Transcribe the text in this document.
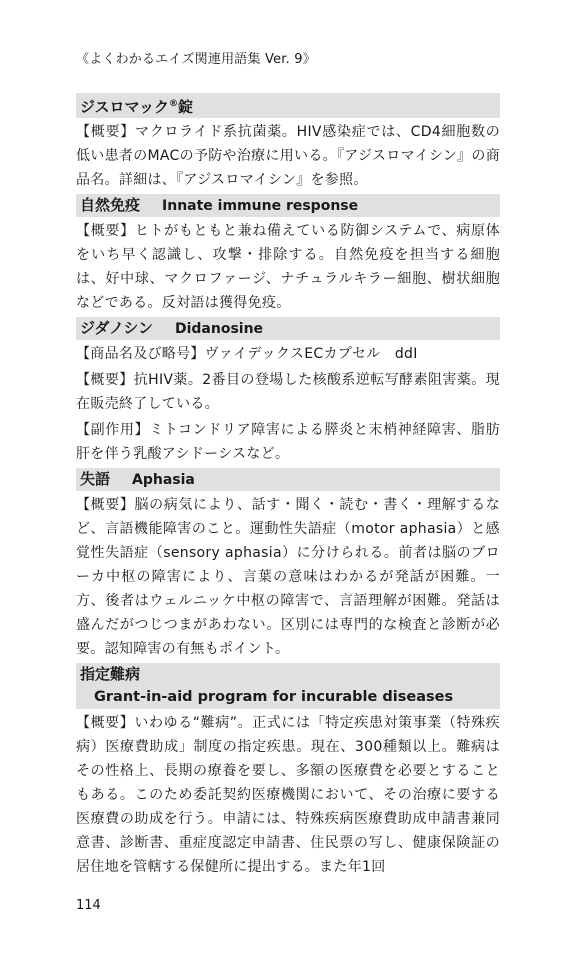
《よくわかるエイズ関連用語集 Ver. 9》
ジスロマック®錠

【概要】マクロライド系抗菌薬。HIV感染症では、CD4細胞数の低い患者のMACの予防や治療に用いる。『アジスロマイシン』の商品名。詳細は、『アジスロマイシン』を参照。

自然免疫 Innate immune response

【概要】ヒトがもともと兼ね備えている防御システムで、病原体をいち早く認識し、攻撃・排除する。自然免疫を担当する細胞は、好中球、マクロファージ、ナチュラルキラー細胞、樹状細胞などである。反対語は獲得免疫。

ジダノシン Didanosine

【商品名及び略号】ヴァイデックスECカプセル　ddI

【概要】抗HIV薬。2番目の登場した核酸系逆転写酵素阻害薬。現在販売終了している。

【副作用】ミトコンドリア障害による膵炎と末梢神経障害、脂肪肝を伴う乳酸アシドーシスなど。

失語 Aphasia

【概要】脳の病気により、話す・聞く・読む・書く・理解するなど、言語機能障害のこと。運動性失語症（motor aphasia）と感覚性失語症（sensory aphasia）に分けられる。前者は脳のブローカ中枢の障害により、言葉の意味はわかるが発話が困難。一方、後者はウェルニッケ中枢の障害で、言語理解が困難。発話は盛んだがつじつまがあわない。区別には専門的な検査と診断が必要。認知障害の有無もポイント。

指定難病
Grant-in-aid program for incurable diseases

【概要】いわゆる“難病”。正式には「特定疾患対策事業（特殊疾病）医療費助成」制度の指定疾患。現在、300種類以上。難病はその性格上、長期の療養を要し、多額の医療費を必要とすることもある。このため委託契約医療機関において、その治療に要する医療費の助成を行う。申請には、特殊疾病医療費助成申請書兼同意書、診断書、重症度認定申請書、住民票の写し、健康保険証の居住地を管轄する保健所に提出する。また年1回

114
